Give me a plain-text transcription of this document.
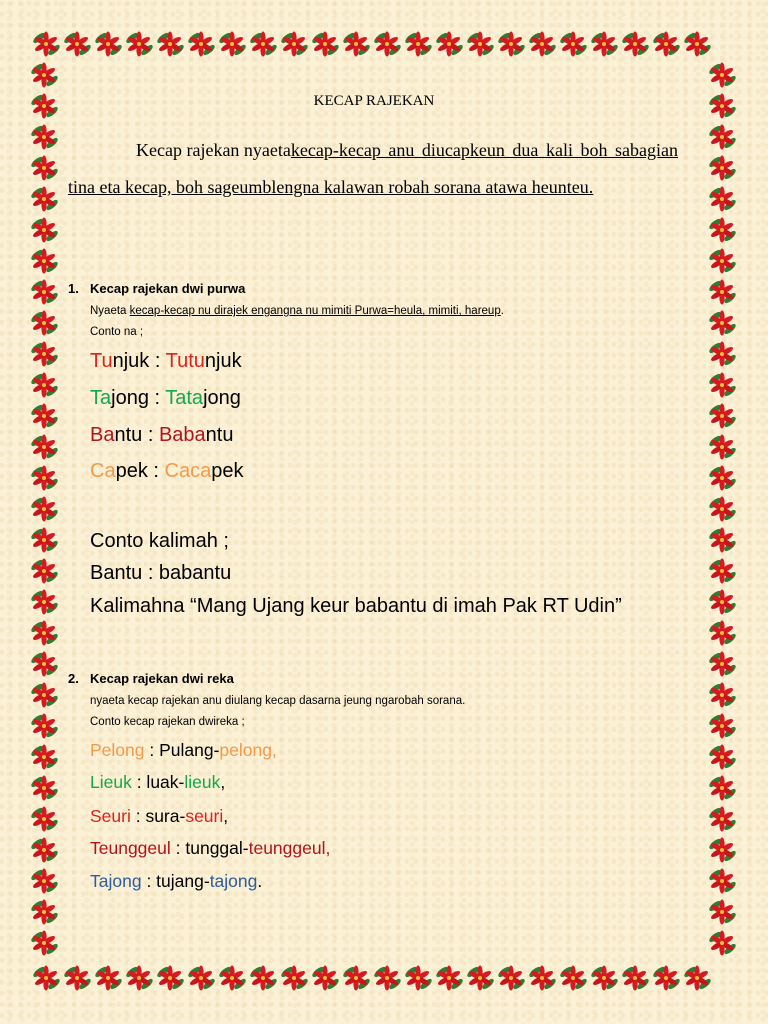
KECAP RAJEKAN
Kecap rajekan nyaetakecap-kecap anu diucapkeun dua kali boh sabagian tina eta kecap, boh sageumblengna kalawan robah sorana atawa heunteu.
1. Kecap rajekan dwi purwa
Nyaeta kecap-kecap nu dirajek engangna nu mimiti Purwa=heula, mimiti, hareup.
Conto na ;
Tunjuk : Tutunjuk
Tajong : Tatajong
Bantu : Babantu
Capek : Cacapek
Conto kalimah ;
Bantu : babantu
Kalimahna “Mang Ujang keur babantu di imah Pak RT Udin”
2. Kecap rajekan dwi reka
nyaeta kecap rajekan anu diulang kecap dasarna jeung ngarobah sorana.
Conto kecap rajekan dwireka ;
Pelong : Pulang-pelong,
Lieuk : luak-lieuk,
Seuri : sura-seuri,
Teunggeul : tunggal-teunggeul,
Tajong : tujang-tajong.
